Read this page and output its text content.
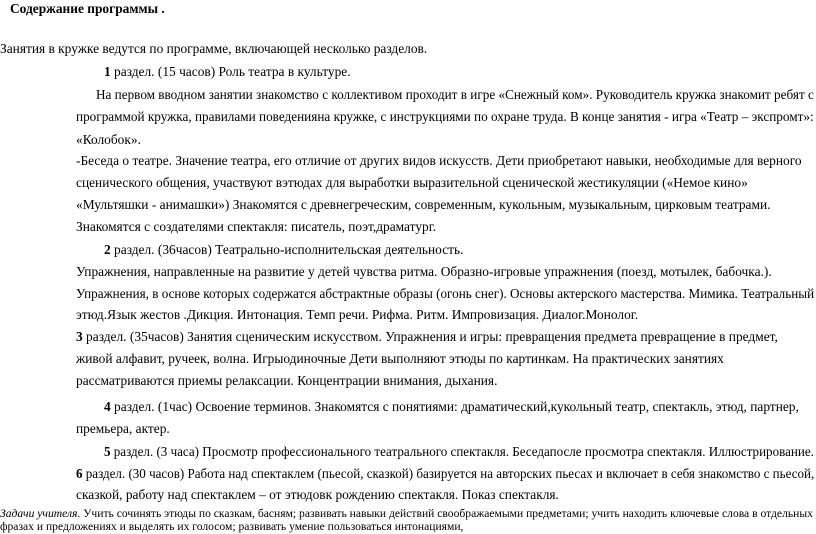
Содержание программы .
Занятия в кружке ведутся по программе, включающей несколько разделов.
1 раздел. (15 часов) Роль театра в культуре.
На первом вводном занятии знакомство с коллективом проходит в игре «Снежный ком». Руководитель кружка знакомит ребят с
программой кружка, правилами поведенияна кружке, с инструкциями по охране труда. В конце занятия - игра «Театр – экспромт»:
«Колобок».
-Беседа о театре. Значение театра, его отличие от других видов искусств. Дети приобретают навыки, необходимые для верного
сценического общения, участвуют вэтюдах для выработки выразительной сценической жестикуляции («Немое кино»
«Мультяшки - анимашки») Знакомятся с древнегреческим, современным, кукольным, музыкальным, цирковым театрами.
Знакомятся с создателями спектакля: писатель, поэт,драматург.
2 раздел. (36часов) Театрально-исполнительская деятельность.
Упражнения, направленные на развитие у детей чувства ритма. Образно-игровые упражнения (поезд, мотылек, бабочка.).
Упражнения, в основе которых содержатся абстрактные образы (огонь снег). Основы актерского мастерства. Мимика. Театральный
этюд.Язык жестов .Дикция. Интонация. Темп речи. Рифма. Ритм. Импровизация. Диалог.Монолог.
3 раздел. (35часов) Занятия сценическим искусством. Упражнения и игры: превращения предмета превращение в предмет,
живой алфавит, ручеек, волна. Игрыодиночные Дети выполняют этюды по картинкам. На практических занятиях
рассматриваются приемы релаксации. Концентрации внимания, дыхания.
4 раздел. (1час) Освоение терминов. Знакомятся с понятиями: драматический,кукольный театр, спектакль, этюд, партнер,
премьера, актер.
5 раздел. (3 часа) Просмотр профессионального театрального спектакля. Беседапосле просмотра спектакля. Иллюстрирование.
6 раздел. (30 часов) Работа над спектаклем (пьесой, сказкой) базируется на авторских пьесах и включает в себя знакомство с пьесой,
сказкой, работу над спектаклем – от этюдовк рождению спектакля. Показ спектакля.
Задачи учителя. Учить сочинять этюды по сказкам, басням; развивать навыки действий своображаемыми предметами; учить находить ключевые слова в отдельных
фразах и предложениях и выделять их голосом; развивать умение пользоваться интонациями,
